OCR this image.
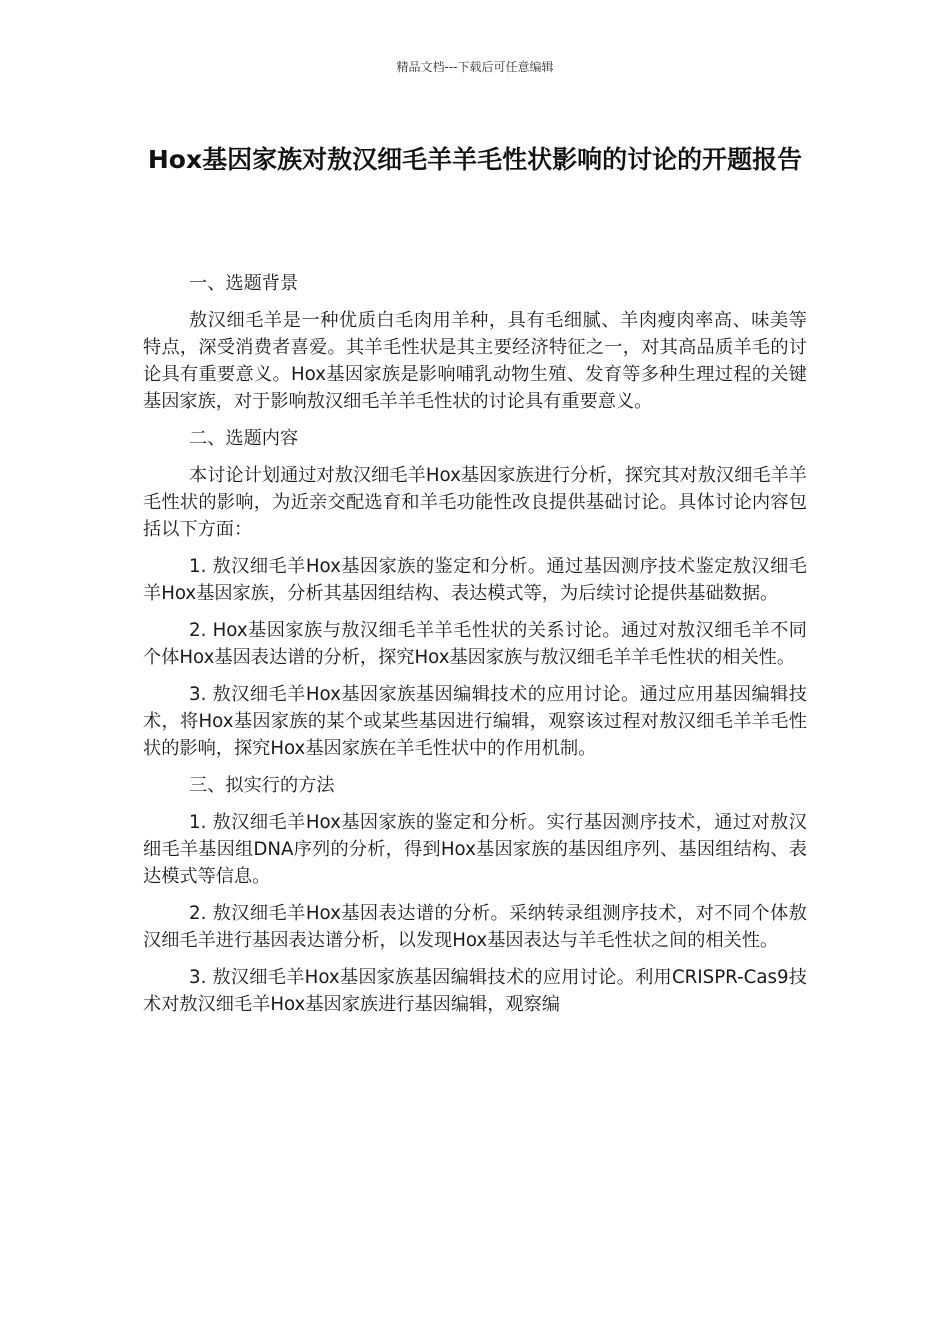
精品文档---下载后可任意编辑
Hox基因家族对敖汉细毛羊羊毛性状影响的讨论的开题报告

一、选题背景

敖汉细毛羊是一种优质白毛肉用羊种，具有毛细腻、羊肉瘦肉率高、味美等特点，深受消费者喜爱。其羊毛性状是其主要经济特征之一，对其高品质羊毛的讨论具有重要意义。Hox基因家族是影响哺乳动物生殖、发育等多种生理过程的关键基因家族，对于影响敖汉细毛羊羊毛性状的讨论具有重要意义。

二、选题内容

本讨论计划通过对敖汉细毛羊Hox基因家族进行分析，探究其对敖汉细毛羊羊毛性状的影响，为近亲交配选育和羊毛功能性改良提供基础讨论。具体讨论内容包括以下方面：

1. 敖汉细毛羊Hox基因家族的鉴定和分析。通过基因测序技术鉴定敖汉细毛羊Hox基因家族，分析其基因组结构、表达模式等，为后续讨论提供基础数据。

2. Hox基因家族与敖汉细毛羊羊毛性状的关系讨论。通过对敖汉细毛羊不同个体Hox基因表达谱的分析，探究Hox基因家族与敖汉细毛羊羊毛性状的相关性。

3. 敖汉细毛羊Hox基因家族基因编辑技术的应用讨论。通过应用基因编辑技术，将Hox基因家族的某个或某些基因进行编辑，观察该过程对敖汉细毛羊羊毛性状的影响，探究Hox基因家族在羊毛性状中的作用机制。

三、拟实行的方法

1. 敖汉细毛羊Hox基因家族的鉴定和分析。实行基因测序技术，通过对敖汉细毛羊基因组DNA序列的分析，得到Hox基因家族的基因组序列、基因组结构、表达模式等信息。

2. 敖汉细毛羊Hox基因表达谱的分析。采纳转录组测序技术，对不同个体敖汉细毛羊进行基因表达谱分析，以发现Hox基因表达与羊毛性状之间的相关性。

3. 敖汉细毛羊Hox基因家族基因编辑技术的应用讨论。利用CRISPR-Cas9技术对敖汉细毛羊Hox基因家族进行基因编辑，观察编
